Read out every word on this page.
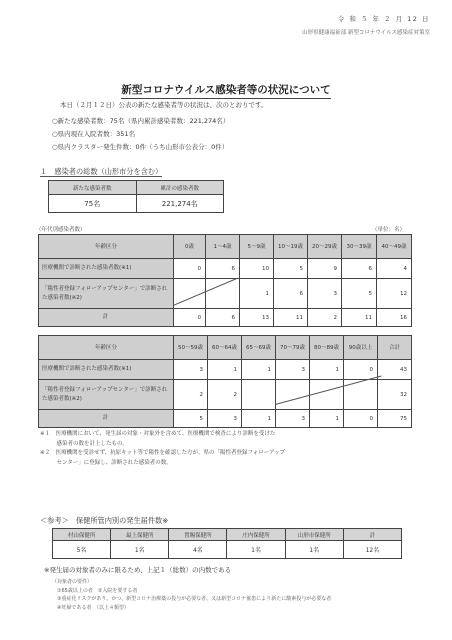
令 和 ５ 年 ２ 月 12 日
山形県健康福祉部 新型コロナウイルス感染症対策室
新型コロナウイルス感染者等の状況について
本日（２月１２日）公表の新たな感染者等の状況は、次のとおりです。
○新たな感染者数：75名（県内累計感染者数：221,274名）
○県内現在入院者数：351名
○県内クラスター発生件数：0件（うち山形市公表分：0件）
１　感染者の総数（山形市分を含む）
新たな感染者数	累計の感染者数
75名	221,274名
（年代別感染者数）	（単位：名）
年齢区分	0歳	1〜4歳	5〜9歳	10〜19歳	20〜29歳	30〜39歳	40〜49歳
医療機関で診断された感染者数(※1)	0	6	10	5	9	6	4
「陽性者登録フォローアップセンター」で診断された感染者数(※2)			1	6	3	5	12
計	0	6	13	11	2	11	16
年齢区分	50〜59歳	60〜64歳	65〜69歳	70〜79歳	80〜89歳	90歳以上	合計
医療機関で診断された感染者数(※1)	3	1	1	3	1	0	43
「陽性者登録フォローアップセンター」で診断された感染者数(※2)	2	2					32
計	5	3	1	3	1	0	75
※１　医療機関において、発生届の対象・対象外を含めて、医療機関で検査により診断を受けた
　　　感染者の数を計上したもの。
※２　医療機関を受診せず、抗原キット等で陽性を確認した方が、県の「陽性者登録フォローアップ
　　　センター」に登録し、診断された感染者の数。
＜参考＞　保健所管内別の発生届件数※
村山保健所	最上保健所	置賜保健所	庄内保健所	山形市保健所	計
5名	1名	4名	1名	1名	12名
※発生届の対象者のみに限るため、上記１（総数）の内数である
（対象者の要件）
　①65歳以上の者　②入院を要する者
　③重症化リスクがあり、かつ、新型コロナ治療薬の投与が必要な者、又は新型コロナ罹患により新たに酸素投与が必要な者
　④妊婦である者　（以上４類型）
